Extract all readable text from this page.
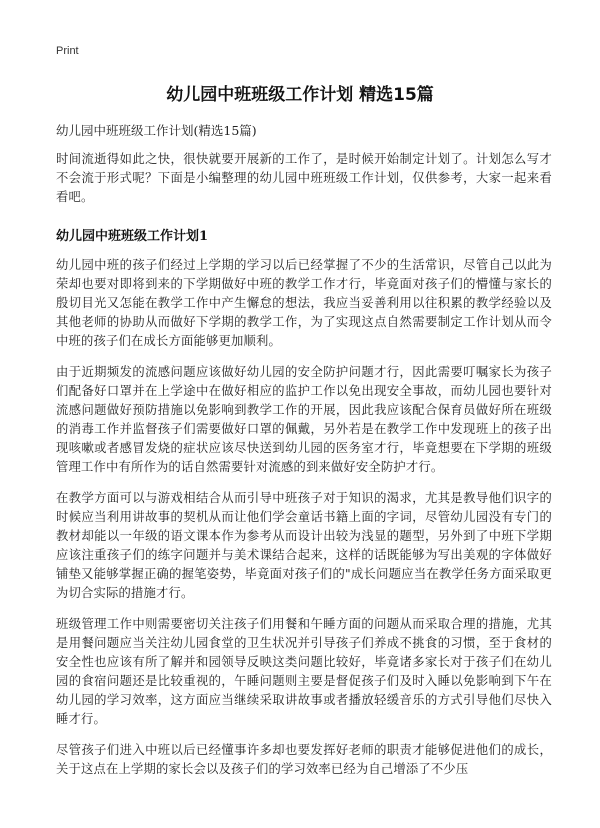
Print
幼儿园中班班级工作计划 精选15篇

幼儿园中班班级工作计划(精选15篇)

时间流逝得如此之快，很快就要开展新的工作了，是时候开始制定计划了。计划怎么写才不会流于形式呢？下面是小编整理的幼儿园中班班级工作计划，仅供参考，大家一起来看看吧。

幼儿园中班班级工作计划1

幼儿园中班的孩子们经过上学期的学习以后已经掌握了不少的生活常识，尽管自己以此为荣却也要对即将到来的下学期做好中班的教学工作才行，毕竟面对孩子们的懵懂与家长的殷切目光又怎能在教学工作中产生懈怠的想法，我应当妥善利用以往积累的教学经验以及其他老师的协助从而做好下学期的教学工作，为了实现这点自然需要制定工作计划从而令中班的孩子们在成长方面能够更加顺利。

由于近期频发的流感问题应该做好幼儿园的安全防护问题才行，因此需要叮嘱家长为孩子们配备好口罩并在上学途中在做好相应的监护工作以免出现安全事故，而幼儿园也要针对流感问题做好预防措施以免影响到教学工作的开展，因此我应该配合保育员做好所在班级的消毒工作并监督孩子们需要做好口罩的佩戴，另外若是在教学工作中发现班上的孩子出现咳嗽或者感冒发烧的症状应该尽快送到幼儿园的医务室才行，毕竟想要在下学期的班级管理工作中有所作为的话自然需要针对流感的到来做好安全防护才行。

在教学方面可以与游戏相结合从而引导中班孩子对于知识的渴求，尤其是教导他们识字的时候应当利用讲故事的契机从而让他们学会童话书籍上面的字词，尽管幼儿园没有专门的教材却能以一年级的语文课本作为参考从而设计出较为浅显的题型，另外到了中班下学期应该注重孩子们的练字问题并与美术课结合起来，这样的话既能够为写出美观的字体做好铺垫又能够掌握正确的握笔姿势，毕竟面对孩子们的"成长问题应当在教学任务方面采取更为切合实际的措施才行。

班级管理工作中则需要密切关注孩子们用餐和午睡方面的问题从而采取合理的措施，尤其是用餐问题应当关注幼儿园食堂的卫生状况并引导孩子们养成不挑食的习惯，至于食材的安全性也应该有所了解并和园领导反映这类问题比较好，毕竟诸多家长对于孩子们在幼儿园的食宿问题还是比较重视的，午睡问题则主要是督促孩子们及时入睡以免影响到下午在幼儿园的学习效率，这方面应当继续采取讲故事或者播放轻缓音乐的方式引导他们尽快入睡才行。

尽管孩子们进入中班以后已经懂事许多却也要发挥好老师的职责才能够促进他们的成长，关于这点在上学期的家长会以及孩子们的学习效率已经为自己增添了不少压
